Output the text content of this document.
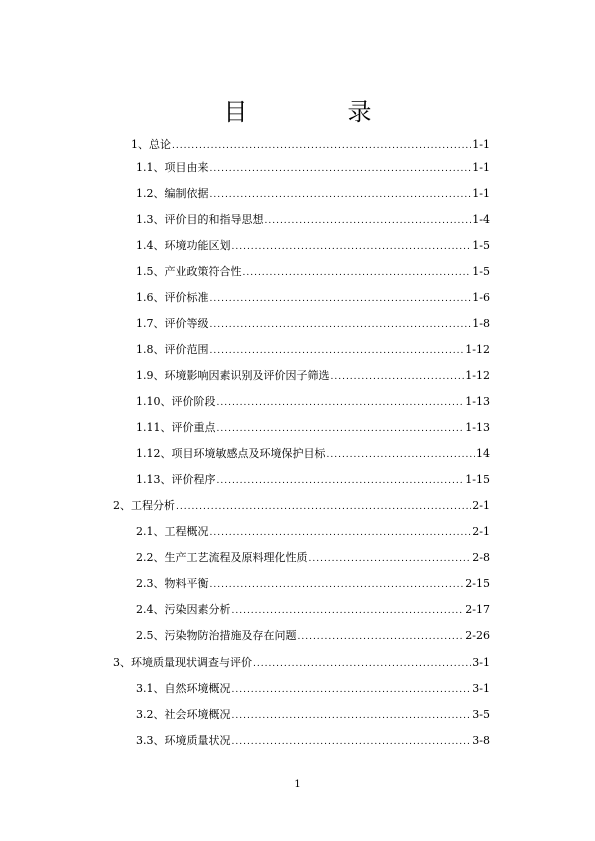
目　录
1、总论 .....	1-1
1.1、项目由来 .....	1-1
1.2、编制依据 .....	1-1
1.3、评价目的和指导思想 .....	1-4
1.4、环境功能区划 .....	1-5
1.5、产业政策符合性 .....	1-5
1.6、评价标准 .....	1-6
1.7、评价等级 .....	1-8
1.8、评价范围 .....	1-12
1.9、环境影响因素识别及评价因子筛选 .....	1-12
1.10、评价阶段 .....	1-13
1.11、评价重点 .....	1-13
1.12、项目环境敏感点及环境保护目标 .....	14
1.13、评价程序 .....	1-15
2、工程分析 .....	2-1
2.1、工程概况 .....	2-1
2.2、生产工艺流程及原料理化性质 .....	2-8
2.3、物料平衡 .....	2-15
2.4、污染因素分析 .....	2-17
2.5、污染物防治措施及存在问题 .....	2-26
3、环境质量现状调查与评价 .....	3-1
3.1、自然环境概况 .....	3-1
3.2、社会环境概况 .....	3-5
3.3、环境质量状况 .....	3-8
1
